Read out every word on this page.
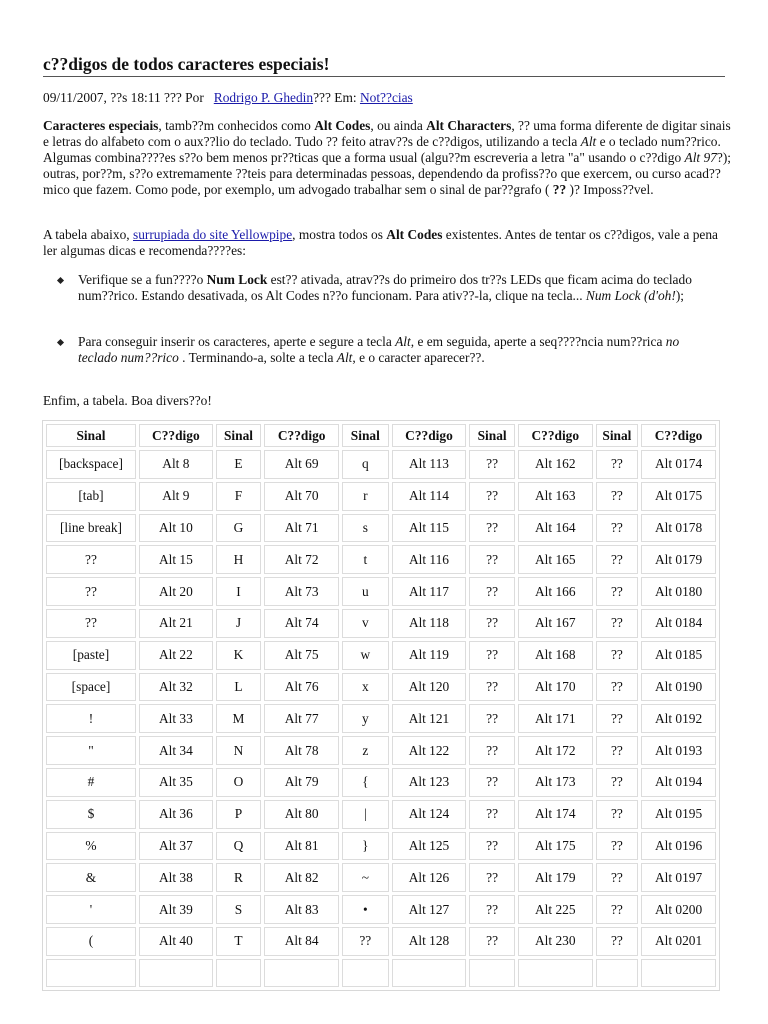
c??digos de todos caracteres especiais!
09/11/2007, ??s 18:11 ??? Por Rodrigo P. Ghedin??? Em: Not??cias

Caracteres especiais, tamb??m conhecidos como Alt Codes, ou ainda Alt Characters, ?? uma forma diferente de digitar sinais e letras do alfabeto com o aux??lio do teclado. Tudo ?? feito atrav??s de c??digos, utilizando a tecla Alt e o teclado num??rico. Algumas combina????es s??o bem menos pr??ticas que a forma usual (algu??m escreveria a letra "a" usando o c??digo Alt 97?); outras, por??m, s??o extremamente ??teis para determinadas pessoas, dependendo da profiss??o que exercem, ou curso acad??mico que fazem. Como pode, por exemplo, um advogado trabalhar sem o sinal de par??grafo ( ?? )? Imposs??vel.

A tabela abaixo, surrupiada do site Yellowpipe, mostra todos os Alt Codes existentes. Antes de tentar os c??digos, vale a pena ler algumas dicas e recomenda????es:

Verifique se a fun????o Num Lock est?? ativada, atrav??s do primeiro dos tr??s LEDs que ficam acima do teclado num??rico. Estando desativada, os Alt Codes n??o funcionam. Para ativ??-la, clique na tecla... Num Lock (d'oh!);

Para conseguir inserir os caracteres, aperte e segure a tecla Alt, e em seguida, aperte a seq????ncia num??rica no teclado num??rico . Terminando-a, solte a tecla Alt, e o caracter aparecer??.

Enfim, a tabela. Boa divers??o!

Sinal	C??digo	Sinal	C??digo	Sinal	C??digo	Sinal	C??digo	Sinal	C??digo
[backspace]	Alt 8	E	Alt 69	q	Alt 113	??	Alt 162	??	Alt 0174
[tab]	Alt 9	F	Alt 70	r	Alt 114	??	Alt 163	??	Alt 0175
[line break]	Alt 10	G	Alt 71	s	Alt 115	??	Alt 164	??	Alt 0178
??	Alt 15	H	Alt 72	t	Alt 116	??	Alt 165	??	Alt 0179
??	Alt 20	I	Alt 73	u	Alt 117	??	Alt 166	??	Alt 0180
??	Alt 21	J	Alt 74	v	Alt 118	??	Alt 167	??	Alt 0184
[paste]	Alt 22	K	Alt 75	w	Alt 119	??	Alt 168	??	Alt 0185
[space]	Alt 32	L	Alt 76	x	Alt 120	??	Alt 170	??	Alt 0190
!	Alt 33	M	Alt 77	y	Alt 121	??	Alt 171	??	Alt 0192
"	Alt 34	N	Alt 78	z	Alt 122	??	Alt 172	??	Alt 0193
#	Alt 35	O	Alt 79	{	Alt 123	??	Alt 173	??	Alt 0194
$	Alt 36	P	Alt 80	|	Alt 124	??	Alt 174	??	Alt 0195
%	Alt 37	Q	Alt 81	}	Alt 125	??	Alt 175	??	Alt 0196
&	Alt 38	R	Alt 82	~	Alt 126	??	Alt 179	??	Alt 0197
'	Alt 39	S	Alt 83	•	Alt 127	??	Alt 225	??	Alt 0200
(	Alt 40	T	Alt 84	??	Alt 128	??	Alt 230	??	Alt 0201
